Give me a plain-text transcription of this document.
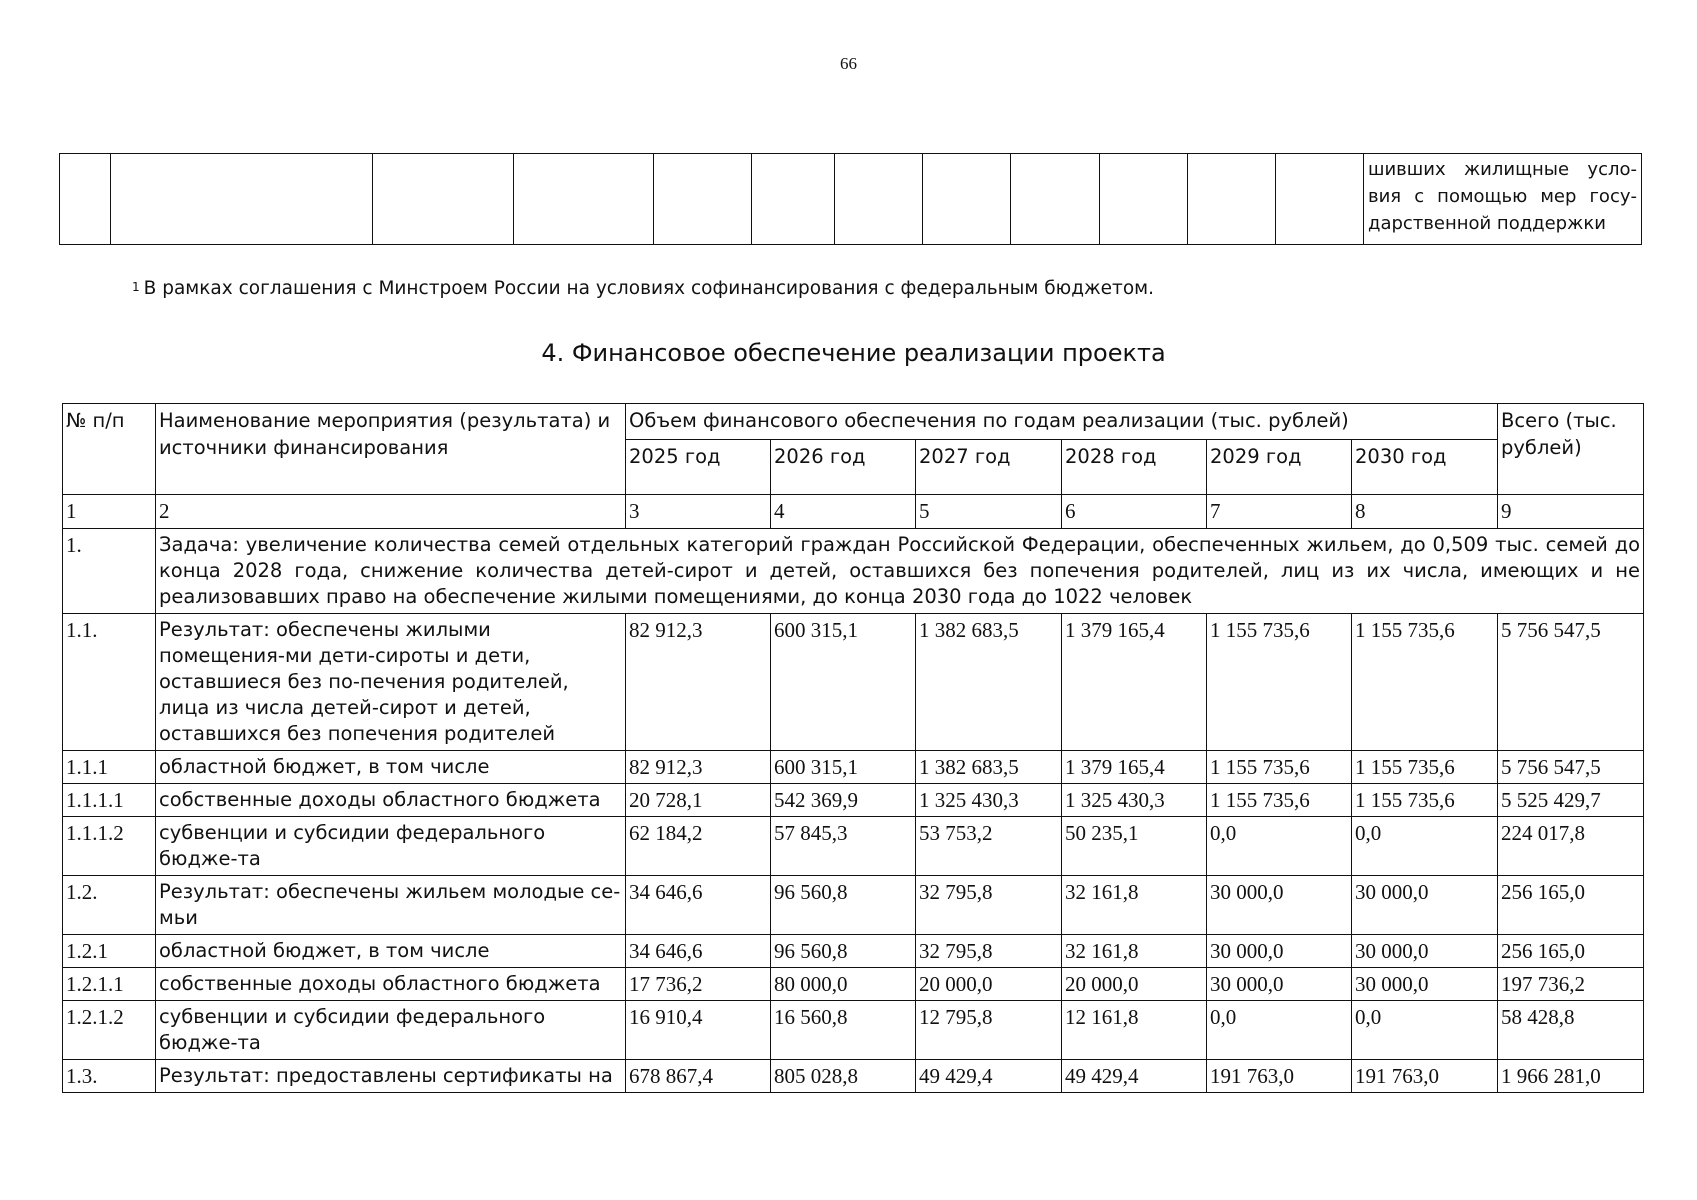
66

шивших жилищные усло-
вия с помощью мер госу-
дарственной поддержки
$^1$ В рамках соглашения с Минстроем России на условиях софинансирования с федеральным бюджетом.
4. Финансовое обеспечение реализации проекта
№ п/п	Наименование мероприятия (результата) и источники финансирования	Объем финансового обеспечения по годам реализации (тыс. рублей)						Всего (тыс. рублей)
		2025 год	2026 год	2027 год	2028 год	2029 год	2030 год	
1	2	3	4	5	6	7	8	9
1.	Задача: увеличение количества семей отдельных категорий граждан Российской Федерации, обеспеченных жильем, до 0,509 тыс. семей до конца 2028 года, снижение количества детей-сирот и детей, оставшихся без попечения родителей, лиц из их числа, имеющих и не реализовавших право на обеспечение жилыми помещениями, до конца 2030 года до 1022 человек							
1.1.	Результат: обеспечены жилыми помещения-ми дети-сироты и дети, оставшиеся без по-печения родителей, лица из числа детей-сирот и детей, оставшихся без попечения родителей	82 912,3	600 315,1	1 382 683,5	1 379 165,4	1 155 735,6	1 155 735,6	5 756 547,5
1.1.1	областной бюджет, в том числе	82 912,3	600 315,1	1 382 683,5	1 379 165,4	1 155 735,6	1 155 735,6	5 756 547,5
1.1.1.1	собственные доходы областного бюджета	20 728,1	542 369,9	1 325 430,3	1 325 430,3	1 155 735,6	1 155 735,6	5 525 429,7
1.1.1.2	субвенции и субсидии федерального бюдже-та	62 184,2	57 845,3	53 753,2	50 235,1	0,0	0,0	224 017,8
1.2.	Результат: обеспечены жильем молодые се-мьи	34 646,6	96 560,8	32 795,8	32 161,8	30 000,0	30 000,0	256 165,0
1.2.1	областной бюджет, в том числе	34 646,6	96 560,8	32 795,8	32 161,8	30 000,0	30 000,0	256 165,0
1.2.1.1	собственные доходы областного бюджета	17 736,2	80 000,0	20 000,0	20 000,0	30 000,0	30 000,0	197 736,2
1.2.1.2	субвенции и субсидии федерального бюдже-та	16 910,4	16 560,8	12 795,8	12 161,8	0,0	0,0	58 428,8
1.3.	Результат: предоставлены сертификаты на	678 867,4	805 028,8	49 429,4	49 429,4	191 763,0	191 763,0	1 966 281,0
